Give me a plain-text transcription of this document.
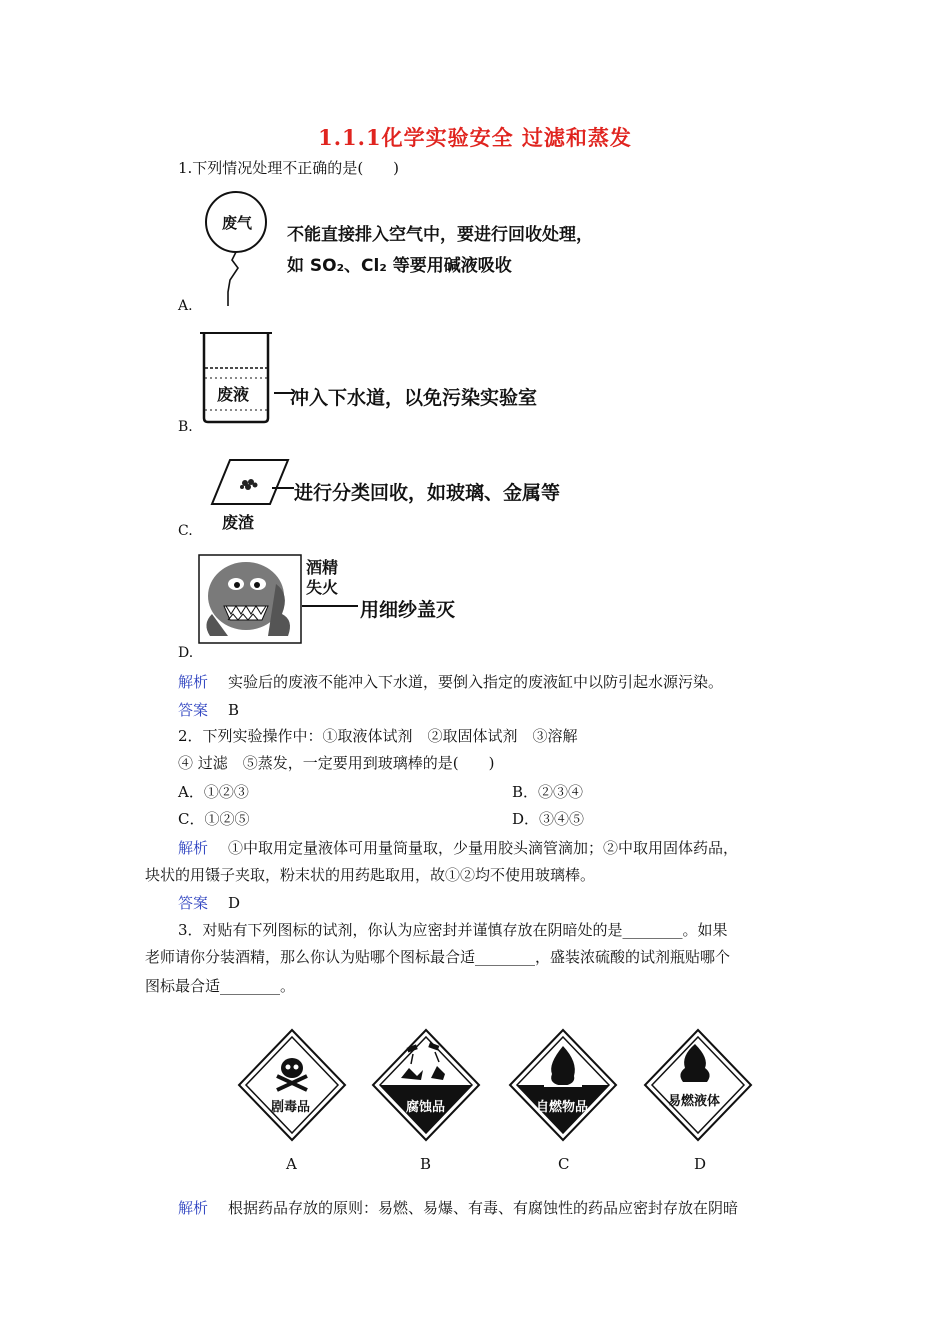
1.1.1化学实验安全 过滤和蒸发
1.下列情况处理不正确的是(　　)
废气
不能直接排入空气中，要进行回收处理，
如 SO₂、Cl₂ 等要用碱液吸收
A.
废液 冲入下水道，以免污染实验室
B.
进行分类回收，如玻璃、金属等
废渣
C.
酒精
失火
用细纱盖灭
D.
解析 实验后的废液不能冲入下水道，要倒入指定的废液缸中以防引起水源污染。
答案 B
2．下列实验操作中：①取液体试剂　②取固体试剂　③溶解
④ 过滤　⑤蒸发，一定要用到玻璃棒的是(　　)
A．①②③	B．②③④
C．①②⑤	D．③④⑤
解析 ①中取用定量液体可用量筒量取，少量用胶头滴管滴加；②中取用固体药品，
块状的用镊子夹取，粉末状的用药匙取用，故①②均不使用玻璃棒。
答案 D
3．对贴有下列图标的试剂，你认为应密封并谨慎存放在阴暗处的是________。如果
老师请你分装酒精，那么你认为贴哪个图标最合适________，盛装浓硫酸的试剂瓶贴哪个
图标最合适________。
剧毒品	腐蚀品	自燃物品	易燃液体
A	B	C	D
解析 根据药品存放的原则：易燃、易爆、有毒、有腐蚀性的药品应密封存放在阴暗
